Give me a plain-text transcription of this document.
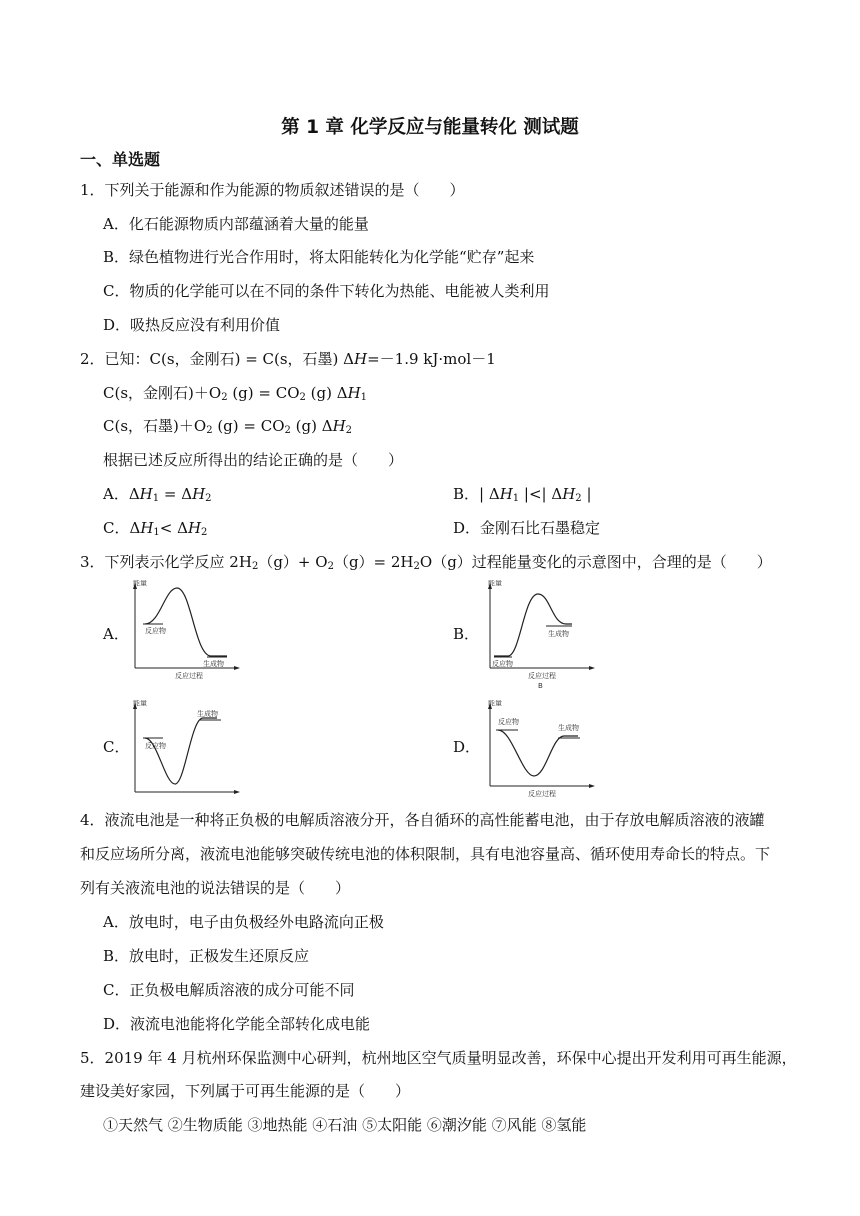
第 1 章 化学反应与能量转化 测试题
一、单选题
1．下列关于能源和作为能源的物质叙述错误的是（　　）
A．化石能源物质内部蕴涵着大量的能量
B．绿色植物进行光合作用时，将太阳能转化为化学能“贮存”起来
C．物质的化学能可以在不同的条件下转化为热能、电能被人类利用
D．吸热反应没有利用价值
2．已知：C(s，金刚石) = C(s，石墨) ΔH=－1.9 kJ·mol－1
C(s，金刚石)$+O_2$ $(g) = CO_2$ (g) $\Delta H_1$
C(s，石墨)$+O_2$ $(g) = CO_2$ (g) $\Delta H_2$
根据已述反应所得出的结论正确的是（　　）
A．$\Delta H_1 = \Delta H_2$	B．| $\Delta H_1$ |<| $\Delta H_2$ |
C．$\Delta H_1< \Delta H_2$	D．金刚石比石墨稳定
3．下列表示化学反应 $2H_2(g)+ O_2(g)= 2H_2O(g)$过程能量变化的示意图中，合理的是（　　）
A．	B．
C．	D．
能量
反应物
生成物
反应过程
能量
反应物
生成物
反应过程
B
能量
反应物
生成物
能量
反应物
生成物
反应过程
4．液流电池是一种将正负极的电解质溶液分开，各自循环的高性能蓄电池，由于存放电解质溶液的液罐
和反应场所分离，液流电池能够突破传统电池的体积限制，具有电池容量高、循环使用寿命长的特点。下
列有关液流电池的说法错误的是（　　）
A．放电时，电子由负极经外电路流向正极
B．放电时，正极发生还原反应
C．正负极电解质溶液的成分可能不同
D．液流电池能将化学能全部转化成电能
5．2019 年 4 月杭州环保监测中心研判，杭州地区空气质量明显改善，环保中心提出开发利用可再生能源，
建设美好家园，下列属于可再生能源的是（　　）
①天然气 ②生物质能 ③地热能 ④石油 ⑤太阳能 ⑥潮汐能 ⑦风能 ⑧氢能
